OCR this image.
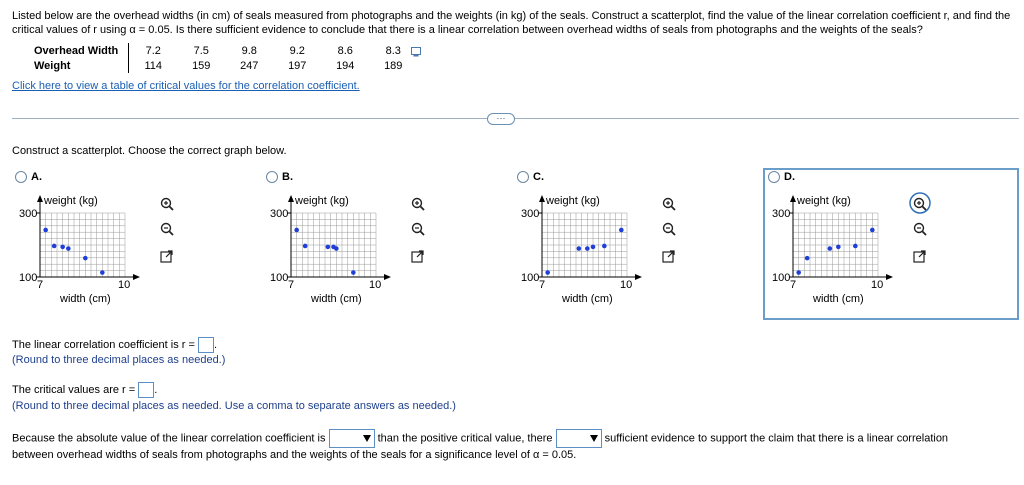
Listed below are the overhead widths (in cm) of seals measured from photographs and the weights (in kg) of the seals. Construct a scatterplot, find the value of the linear correlation coefficient r, and find the critical values of r using α = 0.05. Is there sufficient evidence to conclude that there is a linear correlation between overhead widths of seals from photographs and the weights of the seals?
Overhead Width	7.2	7.5	9.8	9.2	8.6	8.3
Weight	114	159	247	197	194	189
Click here to view a table of critical values for the correlation coefficient.
···
Construct a scatterplot. Choose the correct graph below.
A.	B.	C.	D.
weight (kg)
300
100
7	10
width (cm)
weight (kg)
300
100
7	10
width (cm)
weight (kg)
300
100
7	10
width (cm)
weight (kg)
300
100
7	10
width (cm)
The linear correlation coefficient is r = .
(Round to three decimal places as needed.)
The critical values are r = .
(Round to three decimal places as needed. Use a comma to separate answers as needed.)
Because the absolute value of the linear correlation coefficient is	than the positive critical value, there	sufficient evidence to support the claim that there is a linear correlation
between overhead widths of seals from photographs and the weights of the seals for a significance level of α = 0.05.
